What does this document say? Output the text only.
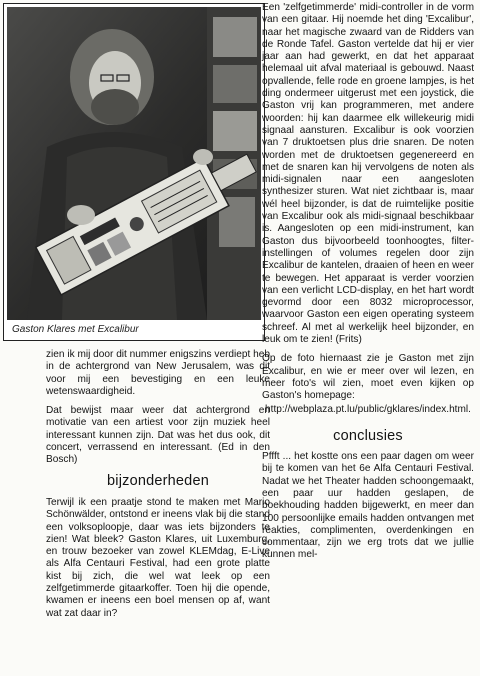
Gaston Klares met Excalibur

zien ik mij door dit nummer enigszins verdiept heb in de achtergrond van New Jerusalem, was dit voor mij een bevestiging en een leuke wetenswaardigheid.

Dat bewijst maar weer dat achtergrond en motivatie van een artiest voor zijn muziek heel interessant kunnen zijn. Dat was het dus ook, dit concert, verrassend en interessant. (Ed in den Bosch)

bijzonderheden

Terwijl ik een praatje stond te maken met Mario Schönwälder, ontstond er ineens vlak bij die stand een volksoploopje, daar was iets bijzonders te zien! Wat bleek? Gaston Klares, uit Luxemburg, en trouw bezoeker van zowel KLEMdag, E-Live als Alfa Centauri Festival, had een grote platte kist bij zich, die wel wat leek op een zelfgetimmerde gitaarkoffer. Toen hij die opende, kwamen er ineens een boel mensen op af, want wat zat daar in?

Een 'zelfgetimmerde' midi-controller in de vorm van een gitaar. Hij noemde het ding 'Excalibur', naar het magische zwaard van de Ridders van de Ronde Tafel. Gaston vertelde dat hij er vier jaar aan had gewerkt, en dat het apparaat helemaal uit afval materiaal is gebouwd. Naast opvallende, felle rode en groene lampjes, is het ding ondermeer uitgerust met een joystick, die Gaston vrij kan programmeren, met andere woorden: hij kan daarmee elk willekeurig midi signaal aansturen. Excalibur is ook voorzien van 7 druktoetsen plus drie snaren. De noten worden met de druktoetsen gegenereerd en met de snaren kan hij vervolgens de noten als midi-signalen naar een aangesloten synthesizer sturen. Wat niet zichtbaar is, maar wél heel bijzonder, is dat de ruimtelijke positie van Excalibur ook als midi-signaal beschikbaar is. Aangesloten op een midi-instrument, kan Gaston dus bijvoorbeeld toonhoogtes, filter-instellingen of volumes regelen door zijn Excalibur de kantelen, draaien of heen en weer te bewegen. Het apparaat is verder voorzien van een verlicht LCD-display, en het hart wordt gevormd door een 8032 microprocessor, waarvoor Gaston een eigen operating systeem schreef. Al met al werkelijk heel bijzonder, en leuk om te zien! (Frits)

Op de foto hiernaast zie je Gaston met zijn Excalibur, en wie er meer over wil lezen, en meer foto's wil zien, moet even kijken op Gaston's homepage:

http://webplaza.pt.lu/public/gklares/index.html.

conclusies

Pffft ... het kostte ons een paar dagen om weer bij te komen van het 6e Alfa Centauri Festival. Nadat we het Theater hadden schoongemaakt, een paar uur hadden geslapen, de boekhouding hadden bijgewerkt, en meer dan 100 persoonlijke emails hadden ontvangen met reakties, complimenten, overdenkingen en commentaar, zijn we erg trots dat we jullie kunnen mel-
